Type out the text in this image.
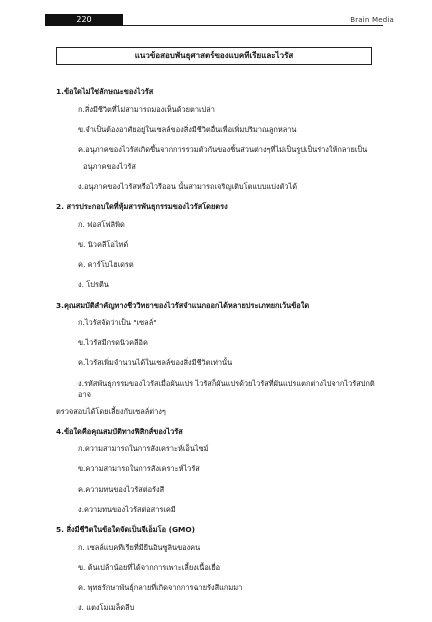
220	Brain Media
แนวข้อสอบพันธุศาสตร์ของแบคทีเรียและไวรัส

1.ข้อใดไม่ใช่ลักษณะของไวรัส

ก.สิ่งมีชีวิตที่ไม่สามารถมองเห็นด้วยตาเปล่า

ข.จำเป็นต้องอาศัยอยู่ในเซลล์ของสิ่งมีชีวิตอื่นเพื่อเพิ่มปริมาณลูกหลาน

ค.อนุภาคของไวรัสเกิดขึ้นจากการรวมตัวกันของชิ้นส่วนต่างๆที่ไม่เป็นรูปเป็นร่างให้กลายเป็น

อนุภาคของไวรัส

ง.อนุภาคของไวรัสหรือไวรีออน นั้นสามารถเจริญเติบโตแบบแบ่งตัวได้

2. สารประกอบใดที่หุ้มสารพันธุกรรมของไวรัสโดยตรง

ก. ฟอสโฟลิพิด

ข. นิวคลีโอไทด์

ค. คาร์โบไฮเดรต

ง. โปรตีน

3.คุณสมบัติสำคัญทางชีววิทยาของไวรัสจำแนกออกได้หลายประเภทยกเว้นข้อใด

ก.ไวรัสจัดว่าเป็น "เซลล์"

ข.ไวรัสมีกรดนิวคลีอิค

ค.ไวรัสเพิ่มจำนวนได้ในเซลล์ของสิ่งมีชีวิตเท่านั้น

ง.รหัสพันธุกรรมของไวรัสเมื่อผันแปร ไวรัสก็ผันแปรด้วยไวรัสที่ผันแปรแตกต่างไปจากไวรัสปกติอาจ

ตรวจสอบได้โดยเลี้ยงกับเซลล์ต่างๆ

4.ข้อใดคือคุณสมบัติทางฟิสิกส์ของไวรัส

ก.ความสามารถในการสังเคราะห์เอ็นไซม์

ข.ความสามารถในการสังเคราะห์ไวรัส

ค.ความทนของไวรัสต่อรังสี

ง.ความทนของไวรัสต่อสารเคมี

5. สิ่งมีชีวิตในข้อใดจัดเป็นจีเอ็มโอ (GMO)

ก. เซลล์แบคทีเรียที่มียีนอินซูลินของคน

ข. ต้นเปล้าน้อยที่ได้จากการเพาะเลี้ยงเนื้อเยื่อ

ค. พุทธรักษาพันธุ์กลายที่เกิดจากการฉายรังสีแกมมา

ง. แตงโมเมล็ดลีบ
